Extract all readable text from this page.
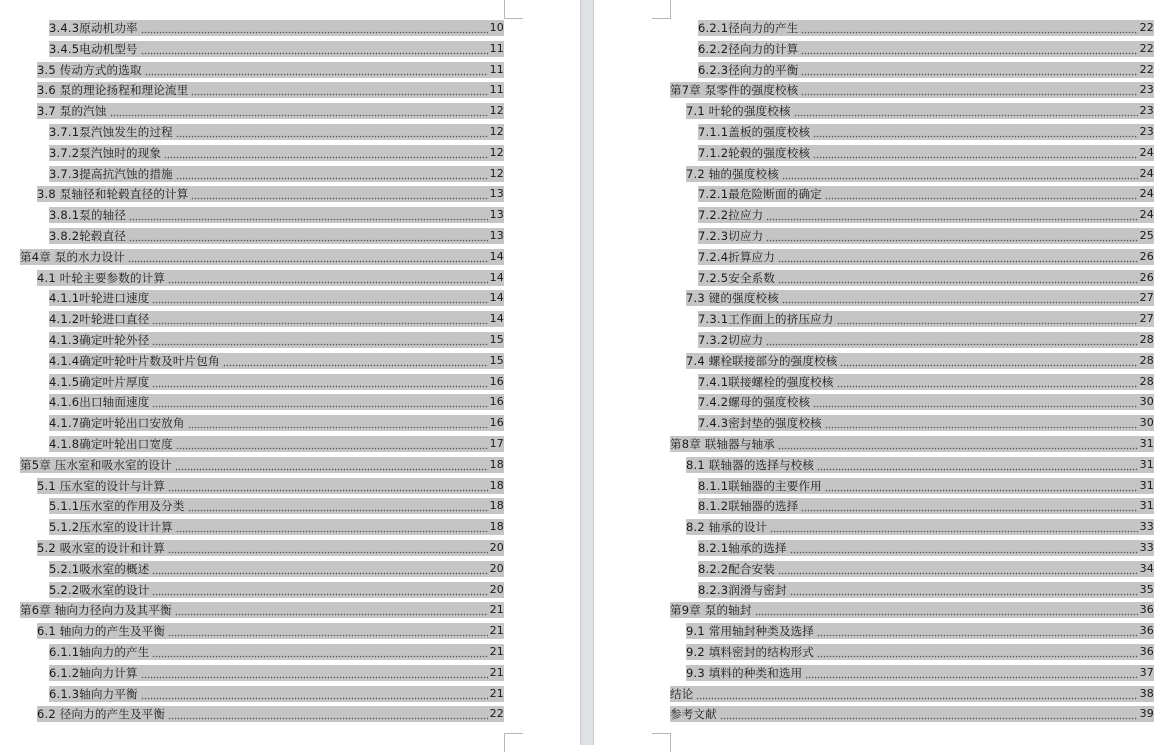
3.4.3原动机功率	10
3.4.5电动机型号	11
3.5 传动方式的选取	11
3.6 泵的理论扬程和理论流里	11
3.7 泵的汽蚀	12
3.7.1泵汽蚀发生的过程	12
3.7.2泵汽蚀时的现象	12
3.7.3提高抗汽蚀的措施	12
3.8 泵轴径和轮毂直径的计算	13
3.8.1泵的轴径	13
3.8.2轮毂直径	13
第4章 泵的水力设计	14
4.1 叶轮主要参数的计算	14
4.1.1叶轮进口速度	14
4.1.2叶轮进口直径	14
4.1.3确定叶轮外径	15
4.1.4确定叶轮叶片数及叶片包角	15
4.1.5确定叶片厚度	16
4.1.6出口轴面速度	16
4.1.7确定叶轮出口安放角	16
4.1.8确定叶轮出口宽度	17
第5章 压水室和吸水室的设计	18
5.1 压水室的设计与计算	18
5.1.1压水室的作用及分类	18
5.1.2压水室的设计计算	18
5.2 吸水室的设计和计算	20
5.2.1吸水室的概述	20
5.2.2吸水室的设计	20
第6章 轴向力径向力及其平衡	21
6.1 轴向力的产生及平衡	21
6.1.1轴向力的产生	21
6.1.2轴向力计算	21
6.1.3轴向力平衡	21
6.2 径向力的产生及平衡	22
6.2.1径向力的产生	22
6.2.2径向力的计算	22
6.2.3径向力的平衡	22
第7章 泵零件的强度校核	23
7.1 叶轮的强度校核	23
7.1.1盖板的强度校核	23
7.1.2轮毂的强度校核	24
7.2 轴的强度校核	24
7.2.1最危险断面的确定	24
7.2.2拉应力	24
7.2.3切应力	25
7.2.4折算应力	26
7.2.5安全系数	26
7.3 键的强度校核	27
7.3.1工作面上的挤压应力	27
7.3.2切应力	28
7.4 螺栓联接部分的强度校核	28
7.4.1联接螺栓的强度校核	28
7.4.2螺母的强度校核	30
7.4.3密封垫的强度校核	30
第8章 联轴器与轴承	31
8.1 联轴器的选择与校核	31
8.1.1联轴器的主要作用	31
8.1.2联轴器的选择	31
8.2 轴承的设计	33
8.2.1轴承的选择	33
8.2.2配合安装	34
8.2.3润滑与密封	35
第9章 泵的轴封	36
9.1 常用轴封种类及选择	36
9.2 填料密封的结构形式	36
9.3 填料的种类和选用	37
结论	38
参考文献	39
